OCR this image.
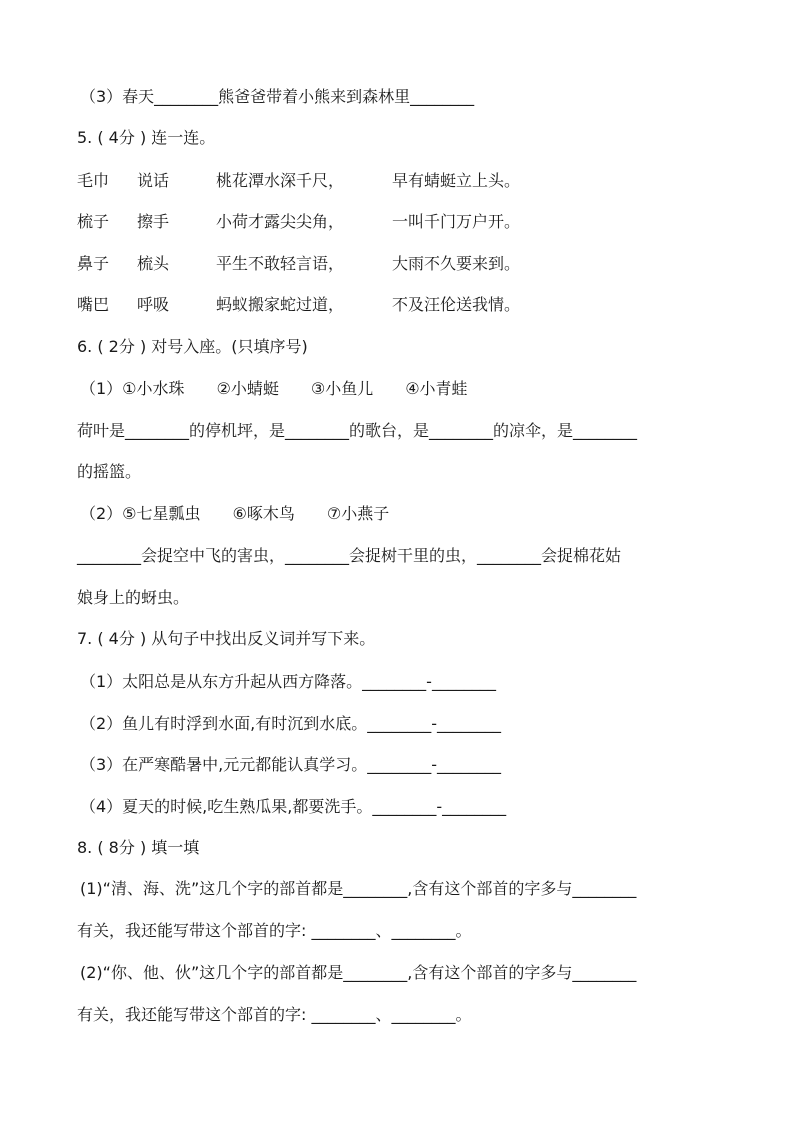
（3）春天________熊爸爸带着小熊来到森林里________
5. ( 4分 ) 连一连。
毛巾 说话	桃花潭水深千尺，	早有蜻蜓立上头。
梳子 擦手	小荷才露尖尖角，	一叫千门万户开。
鼻子 梳头	平生不敢轻言语，	大雨不久要来到。
嘴巴 呼吸	蚂蚁搬家蛇过道，	不及汪伦送我情。
6. ( 2分 ) 对号入座。(只填序号)
（1）①小水珠　　②小蜻蜓　　③小鱼儿　　④小青蛙
荷叶是________的停机坪，是________的歌台，是________的凉伞，是________
的摇篮。
（2）⑤七星瓢虫　　⑥啄木鸟　　⑦小燕子
________会捉空中飞的害虫，________会捉树干里的虫，________会捉棉花姑
娘身上的蚜虫。
7. ( 4分 ) 从句子中找出反义词并写下来。
（1）太阳总是从东方升起从西方降落。________-________
（2）鱼儿有时浮到水面,有时沉到水底。________-________
（3）在严寒酷暑中,元元都能认真学习。________-________
（4）夏天的时候,吃生熟瓜果,都要洗手。________-________
8. ( 8分 ) 填一填
(1)“清、海、洗”这几个字的部首都是________,含有这个部首的字多与________
有关，我还能写带这个部首的字: ________、________。
(2)“你、他、伙”这几个字的部首都是________,含有这个部首的字多与________
有关，我还能写带这个部首的字: ________、________。
